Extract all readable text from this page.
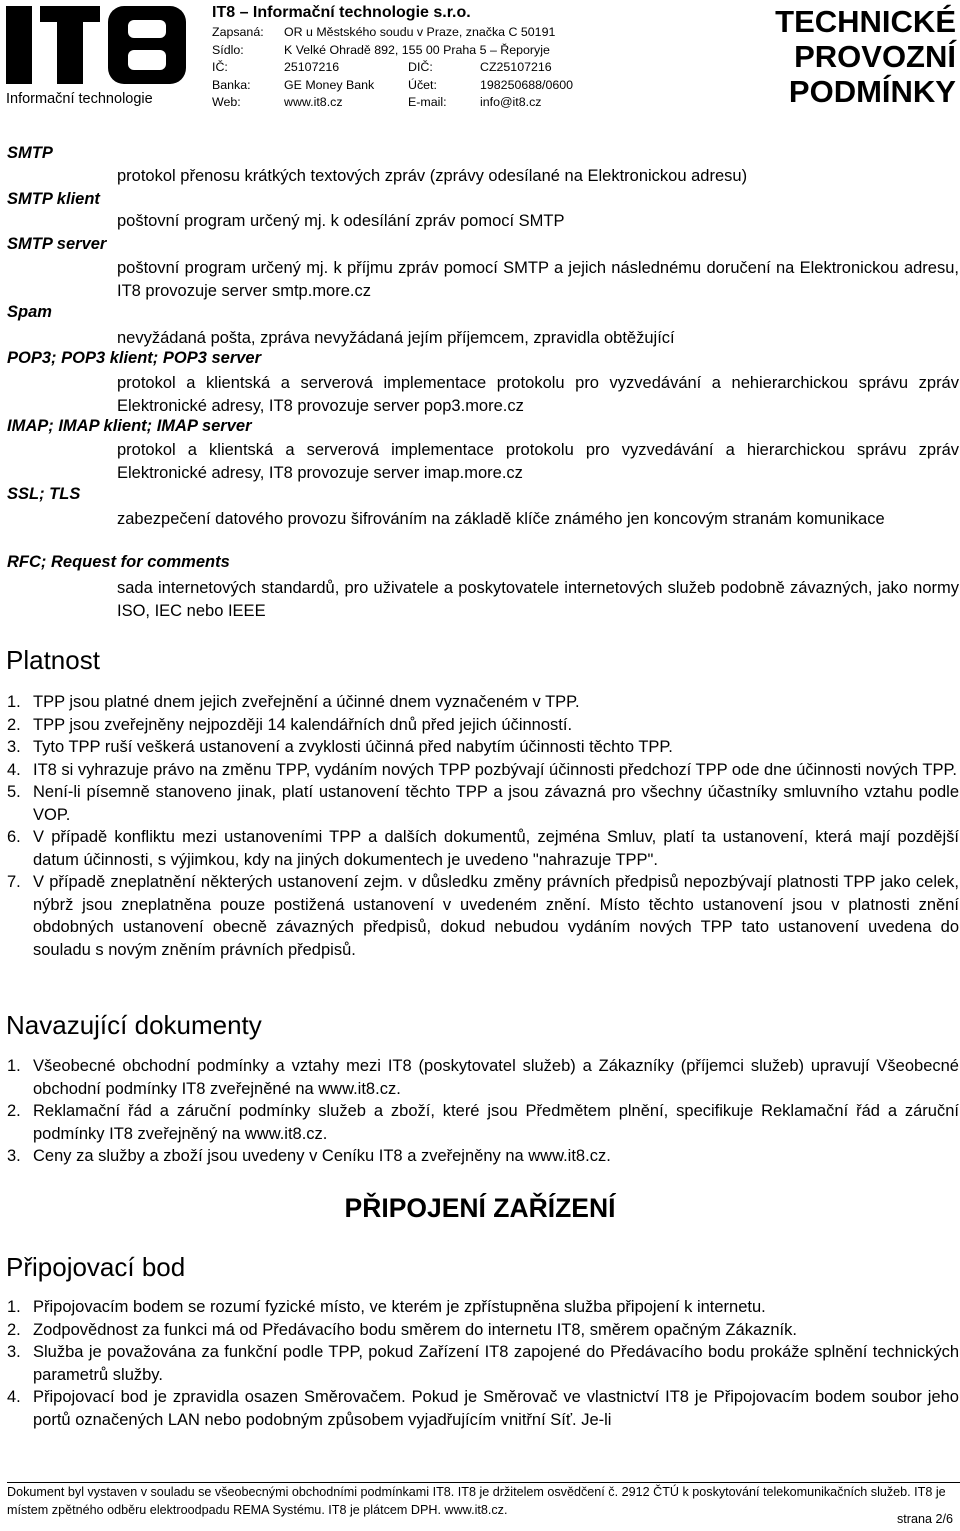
Informační technologie
IT8	IT8 – Informační technologie s.r.o.
Zapsaná: OR u Městského soudu v Praze, značka C 50191
Sídlo:	K Velké Ohradě 892, 155 00 Praha 5 – Řeporyje
IČ:	25107216	DIČ:	CZ25107216
Banka:	GE Money Bank	Účet:	198250688/0600
Web:	www.it8.cz	E-mail:	info@it8.cz
TECHNICKÉ
PROVOZNÍ
PODMÍNKY
SMTP
protokol přenosu krátkých textových zpráv (zprávy odesílané na Elektronickou adresu)
SMTP klient
poštovní program určený mj. k odesílání zpráv pomocí SMTP
SMTP server
poštovní program určený mj. k příjmu zpráv pomocí SMTP a jejich následnému doručení na Elektronickou adresu, IT8 provozuje server smtp.more.cz
Spam
nevyžádaná pošta, zpráva nevyžádaná jejím příjemcem, zpravidla obtěžující
POP3; POP3 klient; POP3 server
protokol a klientská a serverová implementace protokolu pro vyzvedávání a nehierarchickou správu zpráv Elektronické adresy, IT8 provozuje server pop3.more.cz
IMAP; IMAP klient; IMAP server
protokol a klientská a serverová implementace protokolu pro vyzvedávání a hierarchickou správu zpráv Elektronické adresy, IT8 provozuje server imap.more.cz
SSL; TLS
zabezpečení datového provozu šifrováním na základě klíče známého jen koncovým stranám komunikace
RFC; Request for comments
sada internetových standardů, pro uživatele a poskytovatele internetových služeb podobně závazných, jako normy ISO, IEC nebo IEEE
Platnost
1. TPP jsou platné dnem jejich zveřejnění a účinné dnem vyznačeném v TPP.
2. TPP jsou zveřejněny nejpozději 14 kalendářních dnů před jejich účinností.
3. Tyto TPP ruší veškerá ustanovení a zvyklosti účinná před nabytím účinnosti těchto TPP.
4. IT8 si vyhrazuje právo na změnu TPP, vydáním nových TPP pozbývají účinnosti předchozí TPP ode dne účinnosti nových TPP.
5. Není-li písemně stanoveno jinak, platí ustanovení těchto TPP a jsou závazná pro všechny účastníky smluvního vztahu podle VOP.
6. V případě konfliktu mezi ustanoveními TPP a dalších dokumentů, zejména Smluv, platí ta ustanovení, která mají pozdější datum účinnosti, s výjimkou, kdy na jiných dokumentech je uvedeno "nahrazuje TPP".
7. V případě zneplatnění některých ustanovení zejm. v důsledku změny právních předpisů nepozbývají platnosti TPP jako celek, nýbrž jsou zneplatněna pouze postižená ustanovení v uvedeném znění. Místo těchto ustanovení jsou v platnosti znění obdobných ustanovení obecně závazných předpisů, dokud nebudou vydáním nových TPP tato ustanovení uvedena do souladu s novým zněním právních předpisů.
Navazující dokumenty
1. Všeobecné obchodní podmínky a vztahy mezi IT8 (poskytovatel služeb) a Zákazníky (příjemci služeb) upravují Všeobecné obchodní podmínky IT8 zveřejněné na www.it8.cz.
2. Reklamační řád a záruční podmínky služeb a zboží, které jsou Předmětem plnění, specifikuje Reklamační řád a záruční podmínky IT8 zveřejněný na www.it8.cz.
3. Ceny za služby a zboží jsou uvedeny v Ceníku IT8 a zveřejněny na www.it8.cz.
PŘIPOJENÍ ZAŘÍZENÍ
Připojovací bod
1. Připojovacím bodem se rozumí fyzické místo, ve kterém je zpřístupněna služba připojení k internetu.
2. Zodpovědnost za funkci má od Předávacího bodu směrem do internetu IT8, směrem opačným Zákazník.
3. Služba je považována za funkční podle TPP, pokud Zařízení IT8 zapojené do Předávacího bodu prokáže splnění technických parametrů služby.
4. Připojovací bod je zpravidla osazen Směrovačem. Pokud je Směrovač ve vlastnictví IT8 je Připojovacím bodem soubor jeho portů označených LAN nebo podobným způsobem vyjadřujícím vnitřní Síť. Je-li
Dokument byl vystaven v souladu se všeobecnými obchodními podmínkami IT8. IT8 je držitelem osvědčení č. 2912 ČTÚ k poskytování telekomunikačních služeb. IT8 je místem zpětného odběru elektroodpadu REMA Systému. IT8 je plátcem DPH. www.it8.cz.
strana 2/6
